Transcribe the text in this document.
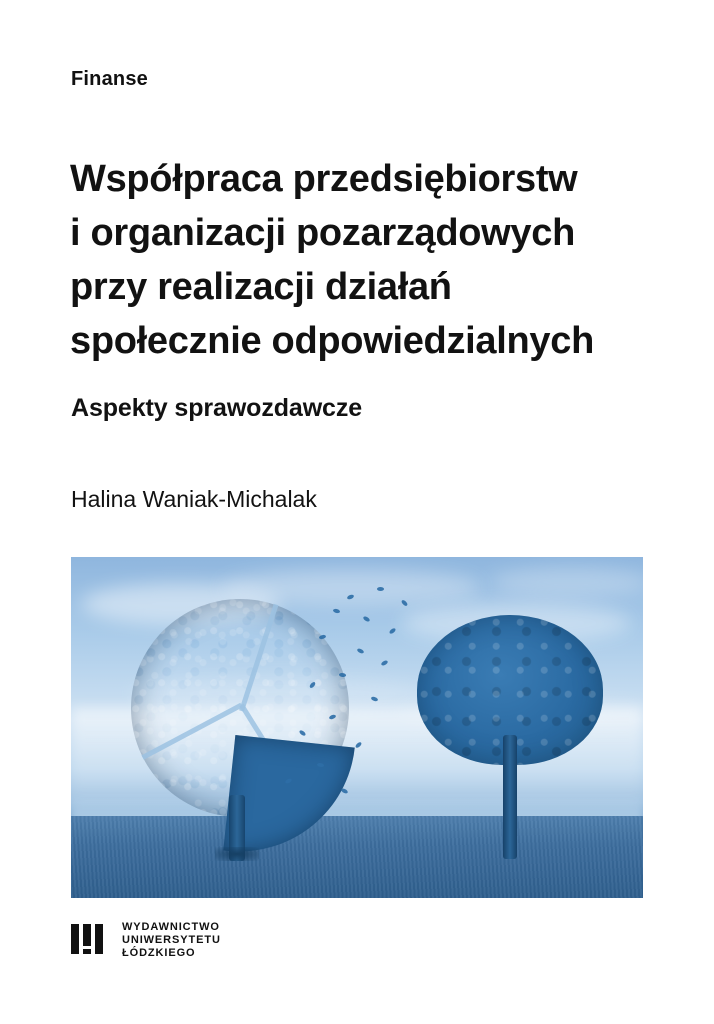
Finanse
Współpraca przedsiębiorstw
i organizacji pozarządowych
przy realizacji działań
społecznie odpowiedzialnych
Aspekty sprawozdawcze
Halina Waniak-Michalak
WYDAWNICTWO
UNIWERSYTETU
ŁÓDZKIEGO
